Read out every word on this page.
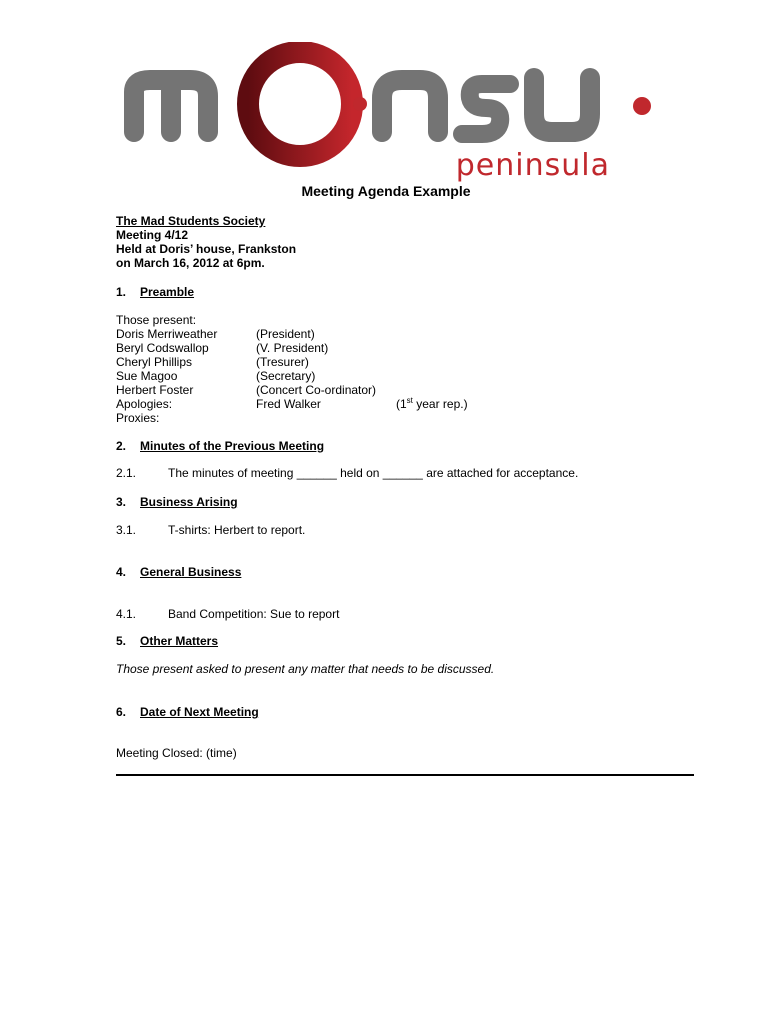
peninsula
Meeting Agenda Example
The Mad Students Society
Meeting 4/12
Held at Doris’ house, Frankston
on March 16, 2012 at 6pm.
1. Preamble
Those present:
Doris Merriweather	(President)
Beryl Codswallop	(V. President)
Cheryl Phillips	(Tresurer)
Sue Magoo	(Secretary)
Herbert Foster	(Concert Co-ordinator)
Apologies:	Fred Walker	(1st year rep.)
Proxies:
2. Minutes of the Previous Meeting
2.1.	The minutes of meeting ______ held on ______ are attached for acceptance.
3. Business Arising
3.1.	T-shirts: Herbert to report.
4. General Business
4.1.	Band Competition: Sue to report
5. Other Matters
Those present asked to present any matter that needs to be discussed.
6. Date of Next Meeting
Meeting Closed: (time)
